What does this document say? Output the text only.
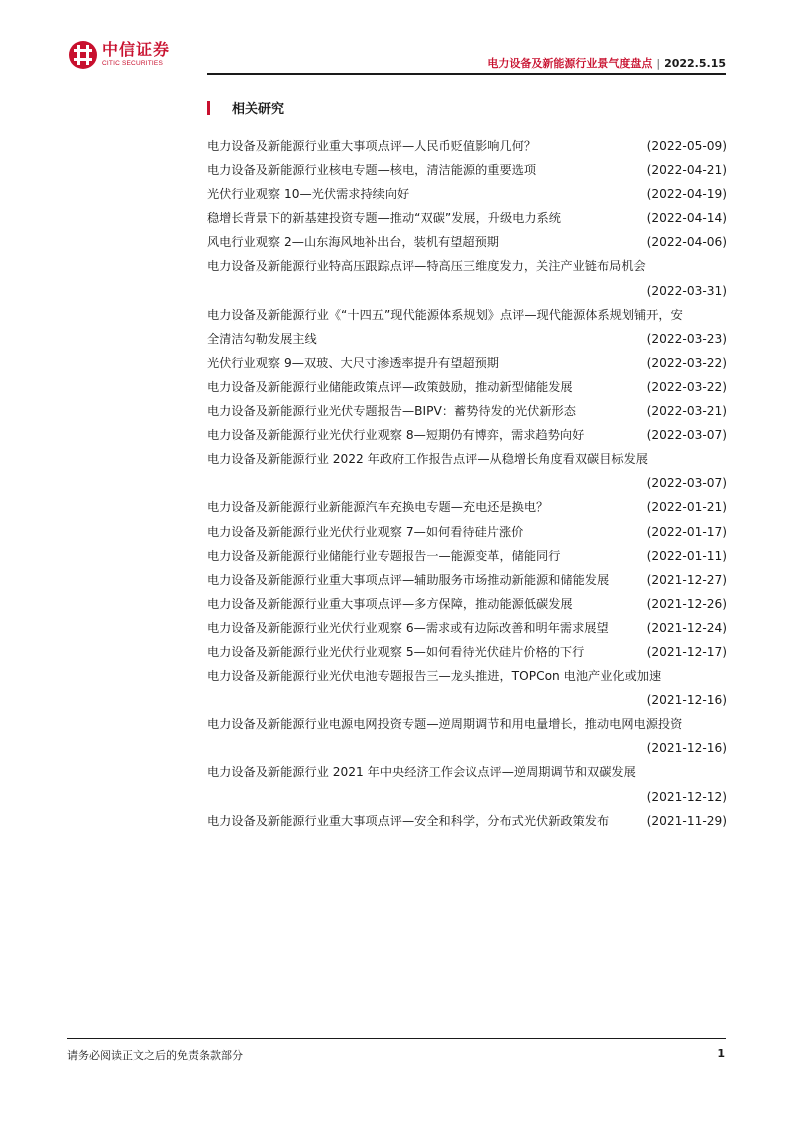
中信证券
CITIC SECURITIES	电力设备及新能源行业景气度盘点 | 2022.5.15
相关研究
电力设备及新能源行业重大事项点评—人民币贬值影响几何？	(2022-05-09)
电力设备及新能源行业核电专题—核电，清洁能源的重要选项	(2022-04-21)
光伏行业观察 10—光伏需求持续向好	(2022-04-19)
稳增长背景下的新基建投资专题—推动“双碳”发展，升级电力系统	(2022-04-14)
风电行业观察 2—山东海风地补出台，装机有望超预期	(2022-04-06)
电力设备及新能源行业特高压跟踪点评—特高压三维度发力，关注产业链布局机会
(2022-03-31)
电力设备及新能源行业《“十四五”现代能源体系规划》点评—现代能源体系规划铺开，安
全清洁勾勒发展主线	(2022-03-23)
光伏行业观察 9—双玻、大尺寸渗透率提升有望超预期	(2022-03-22)
电力设备及新能源行业储能政策点评—政策鼓励，推动新型储能发展	(2022-03-22)
电力设备及新能源行业光伏专题报告—BIPV：蓄势待发的光伏新形态	(2022-03-21)
电力设备及新能源行业光伏行业观察 8—短期仍有博弈，需求趋势向好	(2022-03-07)
电力设备及新能源行业 2022 年政府工作报告点评—从稳增长角度看双碳目标发展
(2022-03-07)
电力设备及新能源行业新能源汽车充换电专题—充电还是换电？	(2022-01-21)
电力设备及新能源行业光伏行业观察 7—如何看待硅片涨价	(2022-01-17)
电力设备及新能源行业储能行业专题报告一—能源变革，储能同行	(2022-01-11)
电力设备及新能源行业重大事项点评—辅助服务市场推动新能源和储能发展	(2021-12-27)
电力设备及新能源行业重大事项点评—多方保障，推动能源低碳发展	(2021-12-26)
电力设备及新能源行业光伏行业观察 6—需求或有边际改善和明年需求展望	(2021-12-24)
电力设备及新能源行业光伏行业观察 5—如何看待光伏硅片价格的下行	(2021-12-17)
电力设备及新能源行业光伏电池专题报告三—龙头推进，TOPCon 电池产业化或加速
(2021-12-16)
电力设备及新能源行业电源电网投资专题—逆周期调节和用电量增长，推动电网电源投资
(2021-12-16)
电力设备及新能源行业 2021 年中央经济工作会议点评—逆周期调节和双碳发展
(2021-12-12)
电力设备及新能源行业重大事项点评—安全和科学，分布式光伏新政策发布	(2021-11-29)
请务必阅读正文之后的免责条款部分	1
